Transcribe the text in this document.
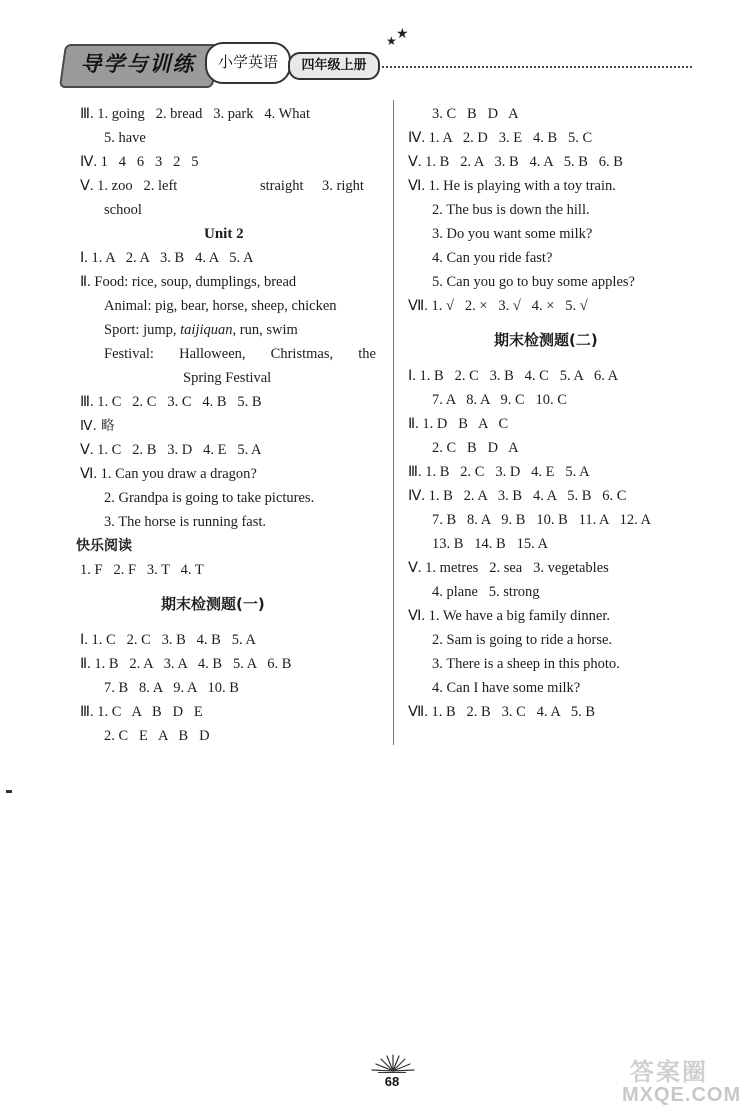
导学与训练	小学英语	四年级上册
★ ★
Ⅲ. 1. going   2. bread   3. park   4. What
5. have
Ⅳ. 1   4   6   3   2   5
Ⅴ. 1. zoo   2. left	straight 3. right
school
Unit 2
Ⅰ. 1. A   2. A   3. B   4. A   5. A
Ⅱ. Food: rice, soup, dumplings, bread
Animal: pig, bear, horse, sheep, chicken
Sport: jump, taijiquan, run, swim
Festival: Halloween, Christmas, the
Spring Festival
Ⅲ. 1. C   2. C   3. C   4. B   5. B
Ⅳ. 略
Ⅴ. 1. C   2. B   3. D   4. E   5. A
Ⅵ. 1. Can you draw a dragon?
2. Grandpa is going to take pictures.
3. The horse is running fast.
快乐阅读
1. F   2. F   3. T   4. T
期末检测题(一)
Ⅰ. 1. C   2. C   3. B   4. B   5. A
Ⅱ. 1. B   2. A   3. A   4. B   5. A   6. B
7. B   8. A   9. A   10. B
Ⅲ. 1. C   A   B   D   E
2. C   E   A   B   D
3. C   B   D   A
Ⅳ. 1. A   2. D   3. E   4. B   5. C
Ⅴ. 1. B   2. A   3. B   4. A   5. B   6. B
Ⅵ. 1. He is playing with a toy train.
2. The bus is down the hill.
3. Do you want some milk?
4. Can you ride fast?
5. Can you go to buy some apples?
Ⅶ. 1. √   2. ×   3. √   4. ×   5. √
期末检测题(二)
Ⅰ. 1. B   2. C   3. B   4. C   5. A   6. A
7. A   8. A   9. C   10. C
Ⅱ. 1. D   B   A   C
2. C   B   D   A
Ⅲ. 1. B   2. C   3. D   4. E   5. A
Ⅳ. 1. B   2. A   3. B   4. A   5. B   6. C
7. B   8. A   9. B   10. B   11. A   12. A
13. B   14. B   15. A
Ⅴ. 1. metres   2. sea   3. vegetables
4. plane   5. strong
Ⅵ. 1. We have a big family dinner.
2. Sam is going to ride a horse.
3. There is a sheep in this photo.
4. Can I have some milk?
Ⅶ. 1. B   2. B   3. C   4. A   5. B
68	答案圈
MXQE.COM
